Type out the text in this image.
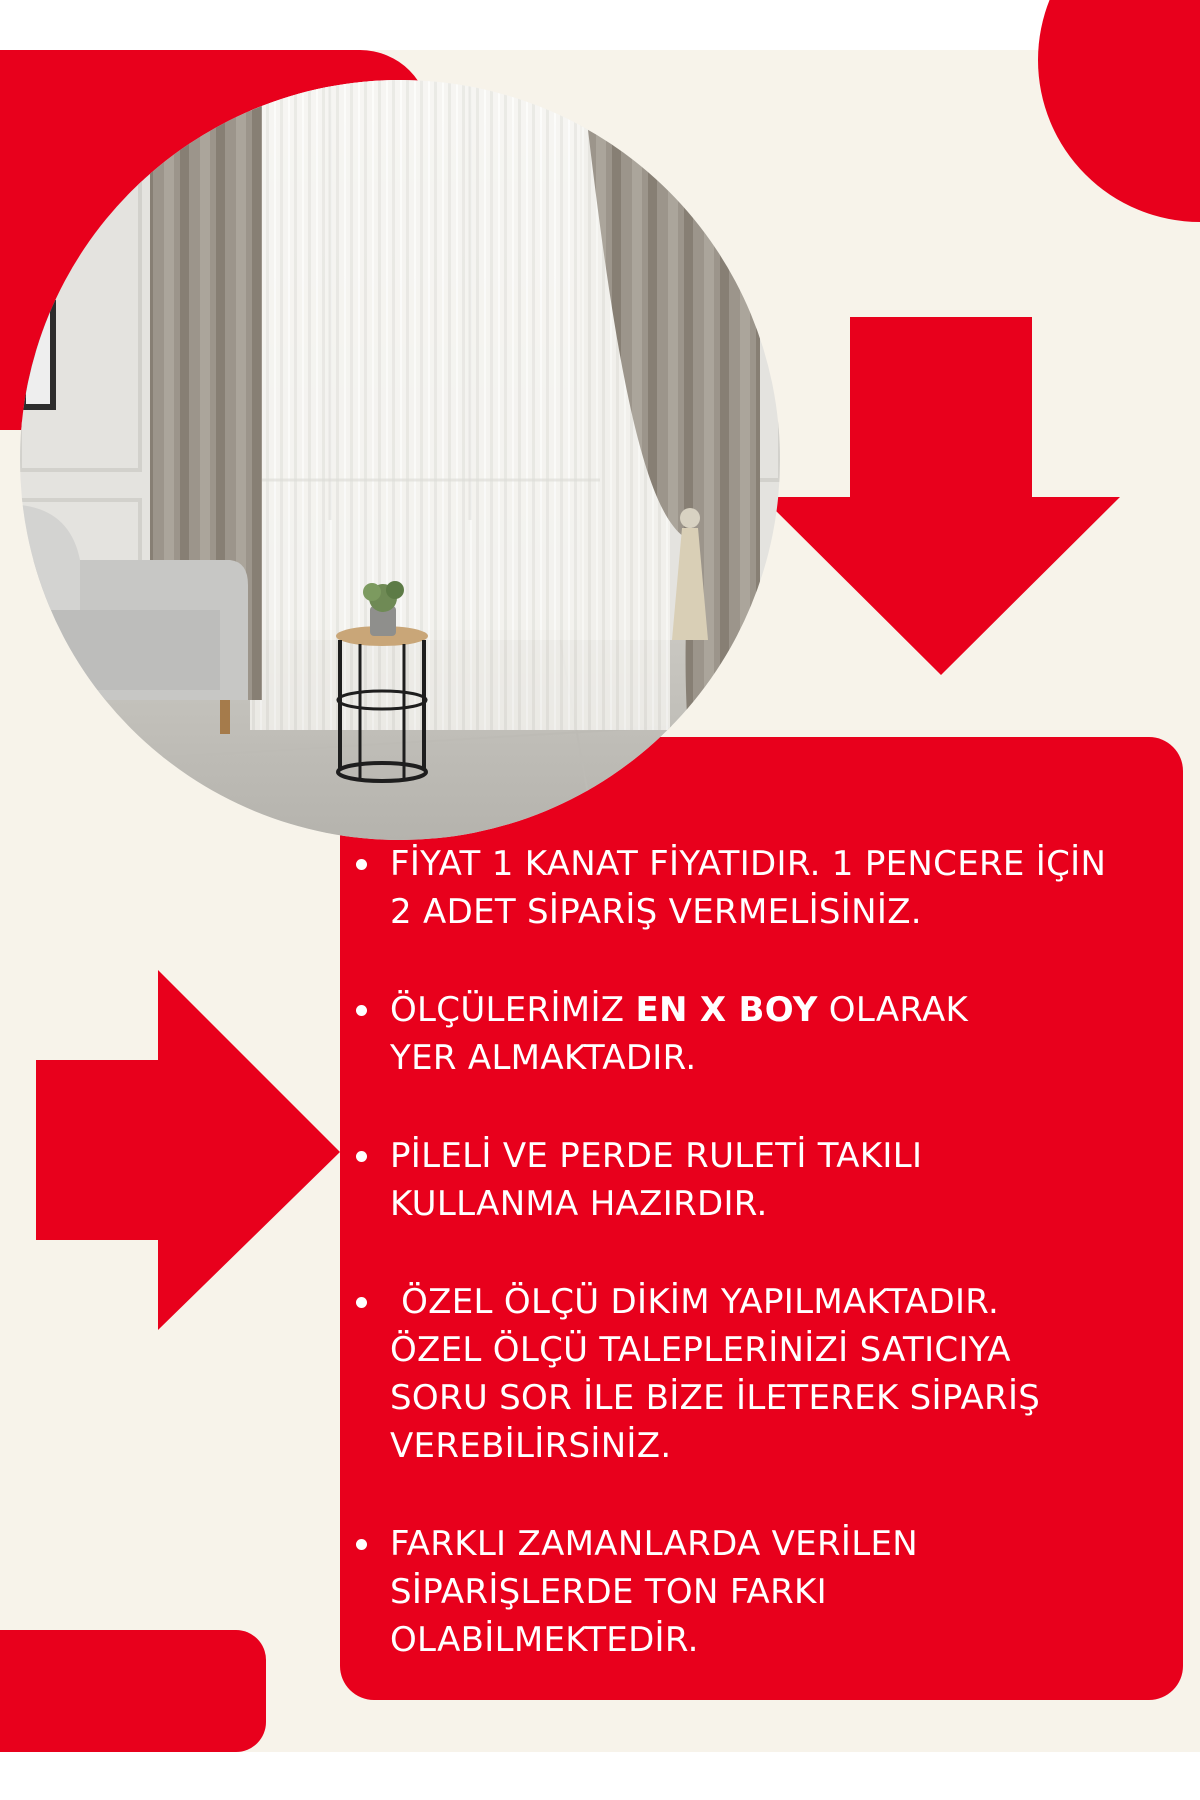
FİYAT 1 KANAT FİYATIDIR. 1 PENCERE İÇİN
2 ADET SİPARİŞ VERMELİSİNİZ.
ÖLÇÜLERİMİZ EN X BOY OLARAK
YER ALMAKTADIR.
PİLELİ VE PERDE RULETİ TAKILI
KULLANMA HAZIRDIR.
ÖZEL ÖLÇÜ DİKİM YAPILMAKTADIR.
ÖZEL ÖLÇÜ TALEPLERİNİZİ SATICIYA
SORU SOR İLE BİZE İLETEREK SİPARİŞ
VEREBİLİRSİNİZ.
FARKLI ZAMANLARDA VERİLEN
SİPARİŞLERDE TON FARKI
OLABİLMEKTEDİR.
